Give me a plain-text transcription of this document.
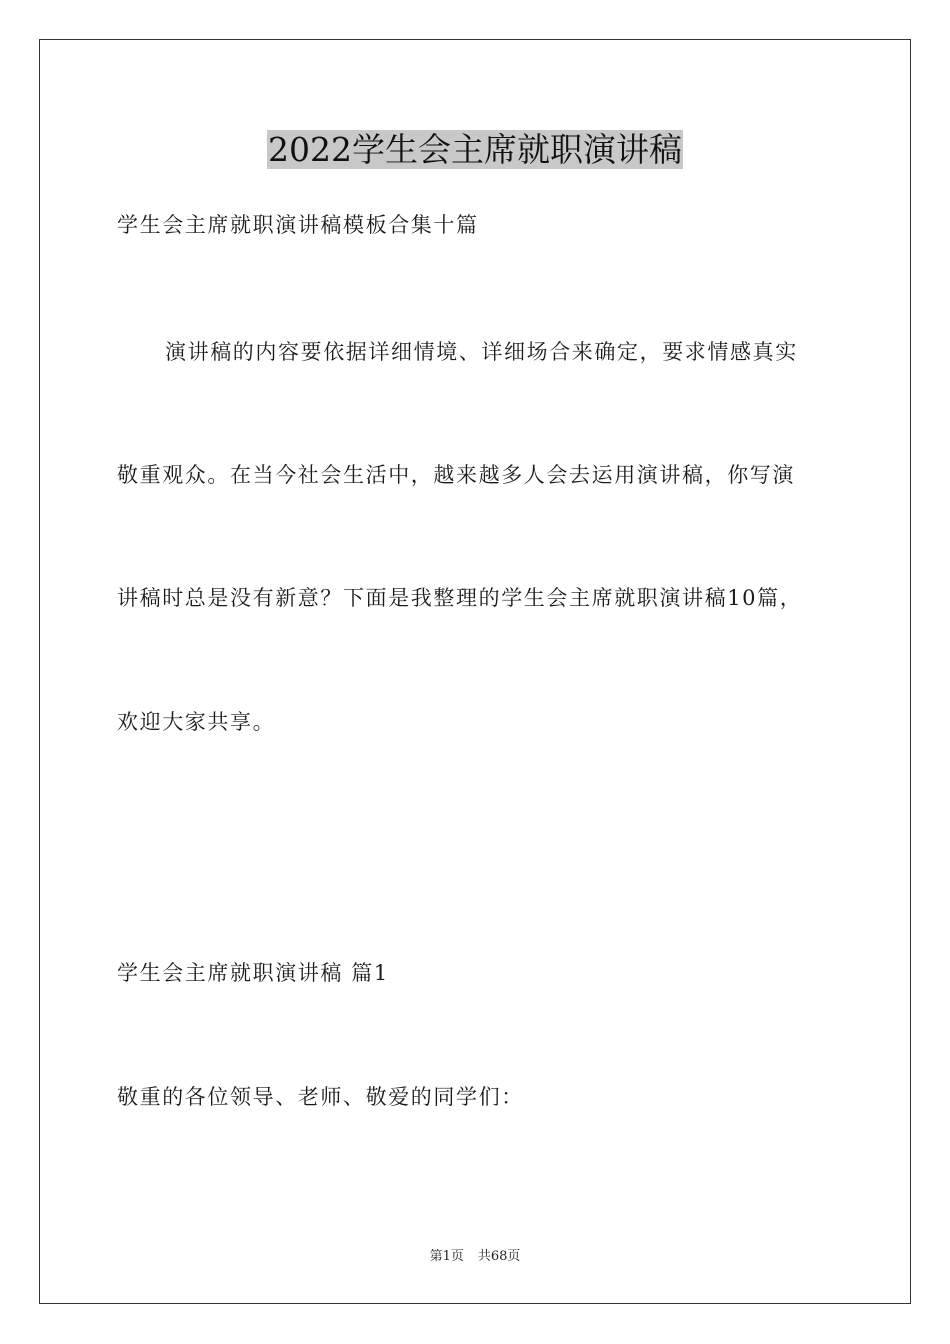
2022学生会主席就职演讲稿
学生会主席就职演讲稿模板合集十篇
演讲稿的内容要依据详细情境、详细场合来确定，要求情感真实
敬重观众。在当今社会生活中，越来越多人会去运用演讲稿，你写演
讲稿时总是没有新意？下面是我整理的学生会主席就职演讲稿10篇，
欢迎大家共享。
学生会主席就职演讲稿 篇1
敬重的各位领导、老师、敬爱的同学们：
第1页 共68页
